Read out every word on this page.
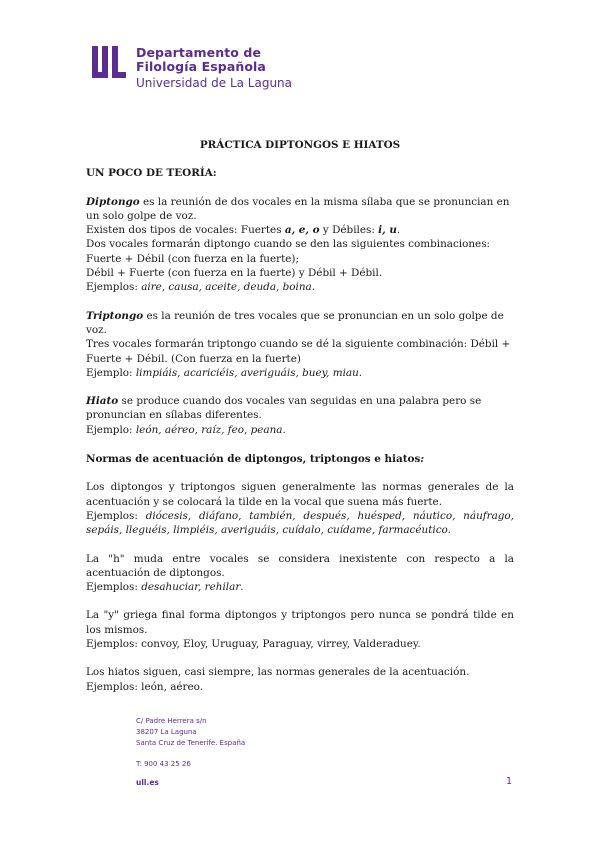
Departamento de
Filología Española
Universidad de La Laguna
PRÁCTICA DIPTONGOS E HIATOS
UN POCO DE TEORÍA:

Diptongo es la reunión de dos vocales en la misma sílaba que se pronuncian en un solo golpe de voz.

Existen dos tipos de vocales: Fuertes a, e, o y Débiles: i, u.

Dos vocales formarán diptongo cuando se den las siguientes combinaciones:

Fuerte + Débil (con fuerza en la fuerte);

Débil + Fuerte (con fuerza en la fuerte) y Débil + Débil.

Ejemplos: aire, causa, aceite, deuda, boina.

Triptongo es la reunión de tres vocales que se pronuncian en un solo golpe de voz.

Tres vocales formarán triptongo cuando se dé la siguiente combinación: Débil + Fuerte + Débil. (Con fuerza en la fuerte)

Ejemplo: limpiáis, acariciéis, averiguáis, buey, miau.

Hiato se produce cuando dos vocales van seguidas en una palabra pero se pronuncian en sílabas diferentes.

Ejemplo: león, aéreo, raíz, feo, peana.

Normas de acentuación de diptongos, triptongos e hiatos:

Los diptongos y triptongos siguen generalmente las normas generales de la acentuación y se colocará la tilde en la vocal que suena más fuerte.

Ejemplos: diócesis, diáfano, también, después, huésped, náutico, náufrago, sepáis, lleguéis, limpiéis, averiguáis, cuídalo, cuídame, farmacéutico.

La "h" muda entre vocales se considera inexistente con respecto a la acentuación de diptongos.

Ejemplos: desahuciar, rehilar.

La "y" griega final forma diptongos y triptongos pero nunca se pondrá tilde en los mismos.

Ejemplos: convoy, Eloy, Uruguay, Paraguay, virrey, Valderaduey.

Los hiatos siguen, casi siempre, las normas generales de la acentuación.

Ejemplos: león, aéreo.

C/ Padre Herrera s/n
38207 La Laguna
Santa Cruz de Tenerife. España
T: 900 43 25 26
ull.es	1
